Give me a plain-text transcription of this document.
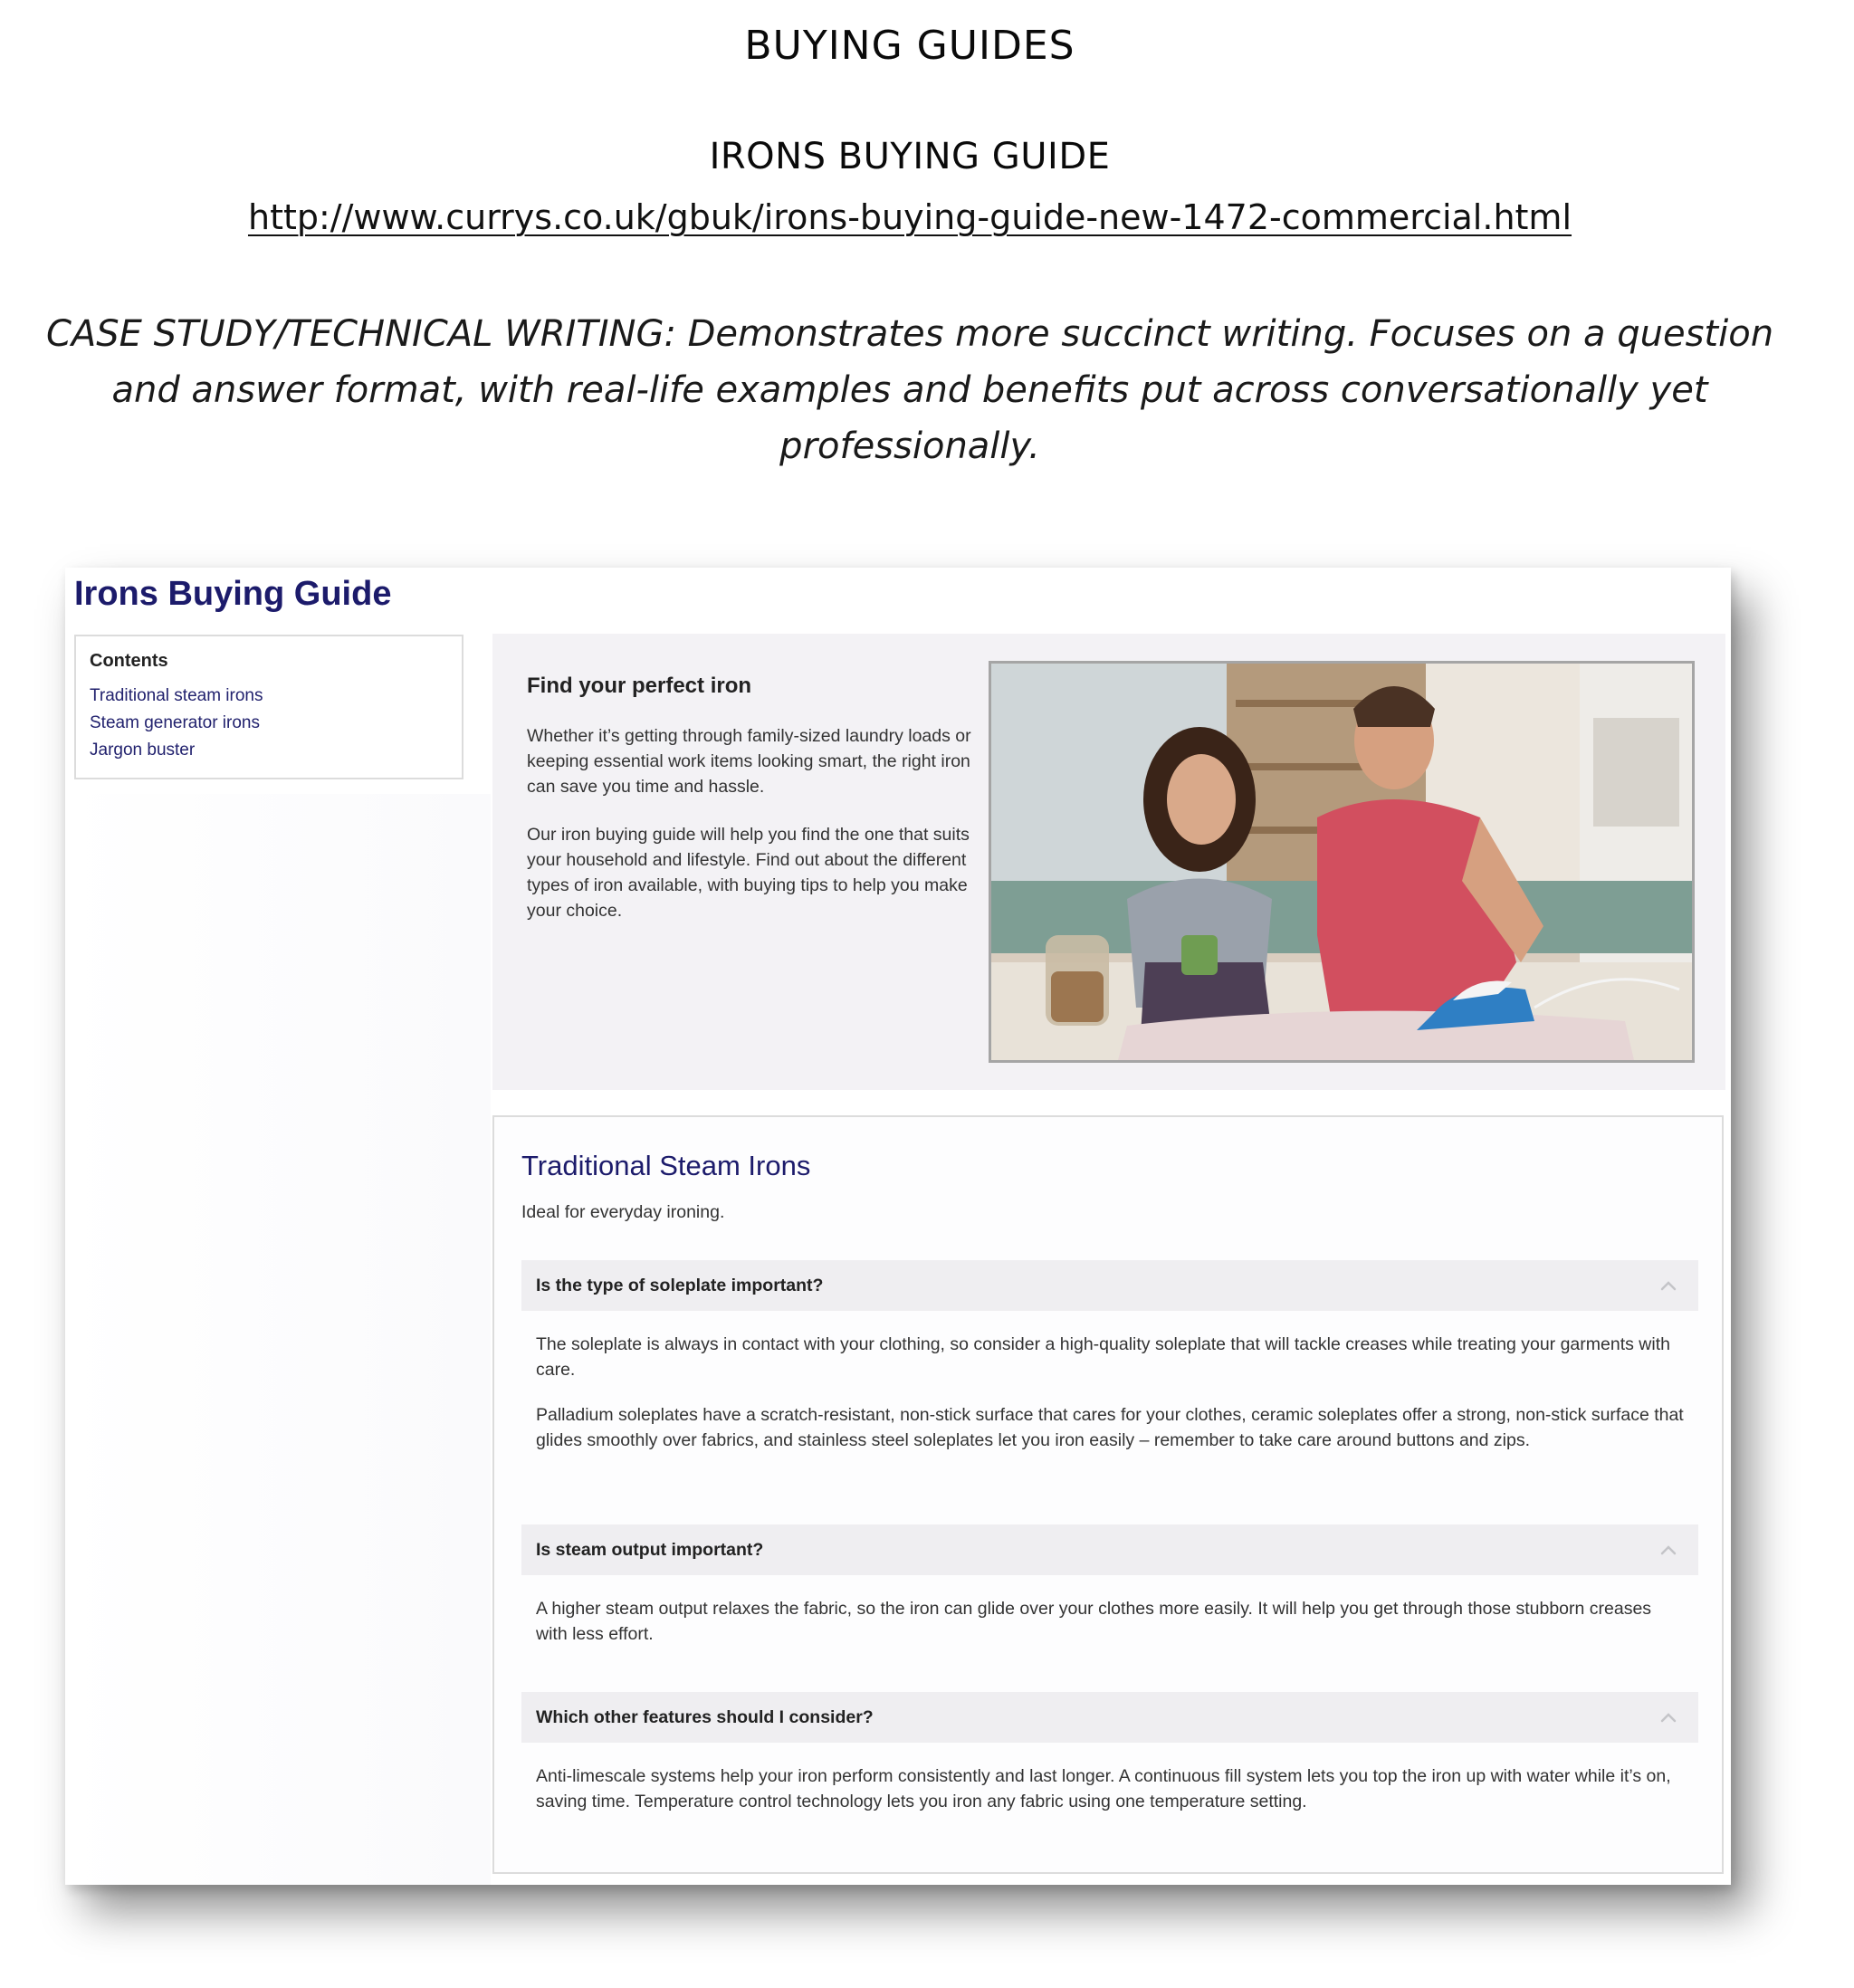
BUYING GUIDES
IRONS BUYING GUIDE
http://www.currys.co.uk/gbuk/irons-buying-guide-new-1472-commercial.html

CASE STUDY/TECHNICAL WRITING: Demonstrates more succinct writing. Focuses on a question and answer format, with real-life examples and benefits put across conversationally yet professionally.

Irons Buying Guide
Contents
Traditional steam irons
Steam generator irons
Jargon buster
Find your perfect iron

Whether it’s getting through family-sized laundry loads or keeping essential work items looking smart, the right iron can save you time and hassle.

Our iron buying guide will help you find the one that suits your household and lifestyle. Find out about the different types of iron available, with buying tips to help you make your choice.

Traditional Steam Irons

Ideal for everyday ironing.

Is the type of soleplate important?

The soleplate is always in contact with your clothing, so consider a high-quality soleplate that will tackle creases while treating your garments with care.

Palladium soleplates have a scratch-resistant, non-stick surface that cares for your clothes, ceramic soleplates offer a strong, non-stick surface that glides smoothly over fabrics, and stainless steel soleplates let you iron easily – remember to take care around buttons and zips.

Is steam output important?

A higher steam output relaxes the fabric, so the iron can glide over your clothes more easily. It will help you get through those stubborn creases with less effort.

Which other features should I consider?

Anti-limescale systems help your iron perform consistently and last longer. A continuous fill system lets you top the iron up with water while it’s on, saving time. Temperature control technology lets you iron any fabric using one temperature setting.
